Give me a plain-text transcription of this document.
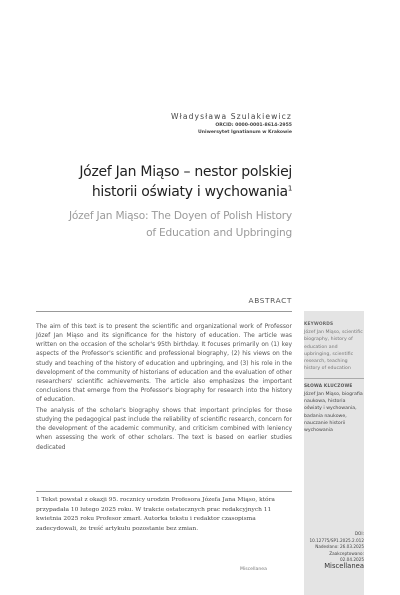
Władysława Szulakiewicz
ORCID: 0000-0001-8614-2955
Uniwersytet Ignatianum w Krakowie
Józef Jan Miąso – nestor polskiej
historii oświaty i wychowania$^1$
Józef Jan Miąso: The Doyen of Polish History
of Education and Upbringing
ABSTRACT

The aim of this text is to present the scientific and organizational work of Professor Józef Jan Miąso and its significance for the history of education. The article was written on the occasion of the scholar's 95th birthday. It focuses primarily on (1) key aspects of the Professor's scientific and professional biography, (2) his views on the study and teaching of the history of education and upbringing, and (3) his role in the development of the community of historians of education and the evaluation of other researchers' scientific achievements. The article also emphasizes the important conclusions that emerge from the Professor's biography for research into the history of education.

The analysis of the scholar's biography shows that important principles for those studying the pedagogical past include the reliability of scientific research, concern for the development of the academic community, and criticism combined with leniency when assessing the work of other scholars. The text is based on earlier studies dedicated

1 Tekst powstał z okazji 95. rocznicy urodzin Profesora Józefa Jana Miąso, która przypadała 10 lutego 2025 roku. W trakcie ostatecznych prac redakcyjnych 11 kwietnia 2025 roku Profesor zmarł. Autorka tekstu i redaktor czasopisma zadecydowali, że treść artykułu pozostanie bez zmian.
Miscellanea
KEYWORDS
Józef Jan Miąso, scientific biography, history of education and upbringing, scientific research, teaching history of education
SŁOWA KLUCZOWE
Józef Jan Miąso, biografia naukowa, historia oświaty i wychowania, badania naukowe, nauczanie historii wychowania
DOI: 10.12775/SP1.2025.2.012
Nadesłano: 26.03.2025
Zaakceptowano: 02.04.2025
Miscellanea
